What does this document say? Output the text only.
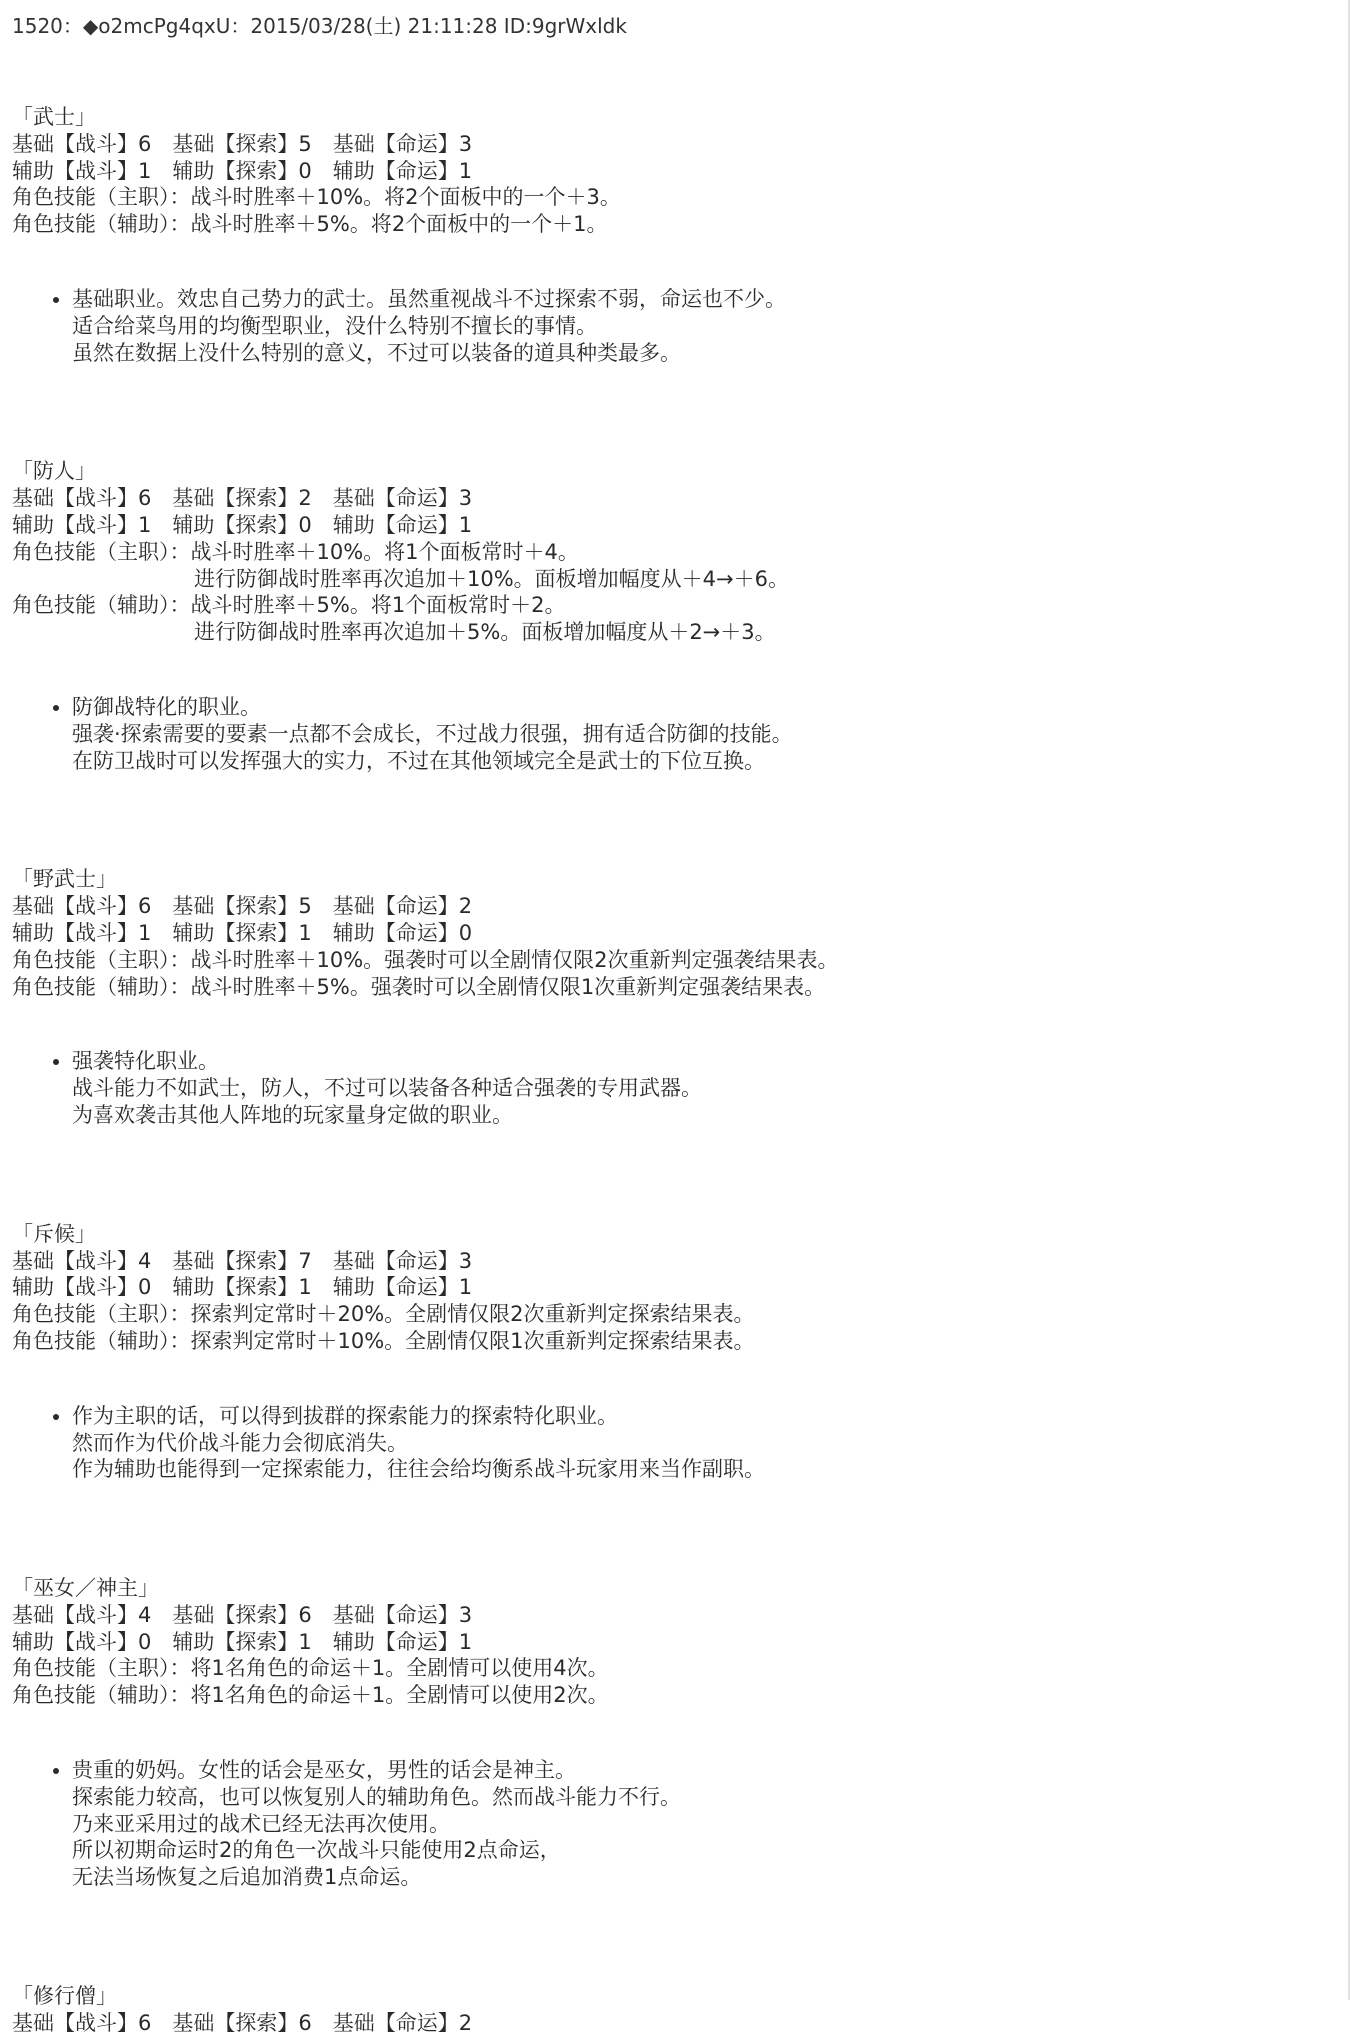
1520：◆o2mcPg4qxU：2015/03/28(土) 21:11:28 ID:9grWxldk
「武士」
基础【战斗】6　基础【探索】5　基础【命运】3
辅助【战斗】1　辅助【探索】0　辅助【命运】1
角色技能（主职）：战斗时胜率＋10%。将2个面板中的一个＋3。
角色技能（辅助）：战斗时胜率＋5%。将2个面板中的一个＋1。
• 基础职业。效忠自己势力的武士。虽然重视战斗不过探索不弱，命运也不少。
适合给菜鸟用的均衡型职业，没什么特别不擅长的事情。
虽然在数据上没什么特别的意义，不过可以装备的道具种类最多。
「防人」
基础【战斗】6　基础【探索】2　基础【命运】3
辅助【战斗】1　辅助【探索】0　辅助【命运】1
角色技能（主职）：战斗时胜率＋10%。将1个面板常时＋4。
进行防御战时胜率再次追加＋10%。面板增加幅度从＋4→＋6。
角色技能（辅助）：战斗时胜率＋5%。将1个面板常时＋2。
进行防御战时胜率再次追加＋5%。面板增加幅度从＋2→＋3。
• 防御战特化的职业。
强袭·探索需要的要素一点都不会成长，不过战力很强，拥有适合防御的技能。
在防卫战时可以发挥强大的实力，不过在其他领域完全是武士的下位互换。
「野武士」
基础【战斗】6　基础【探索】5　基础【命运】2
辅助【战斗】1　辅助【探索】1　辅助【命运】0
角色技能（主职）：战斗时胜率＋10%。强袭时可以全剧情仅限2次重新判定强袭结果表。
角色技能（辅助）：战斗时胜率＋5%。强袭时可以全剧情仅限1次重新判定强袭结果表。
• 强袭特化职业。
战斗能力不如武士，防人，不过可以装备各种适合强袭的专用武器。
为喜欢袭击其他人阵地的玩家量身定做的职业。
「斥候」
基础【战斗】4　基础【探索】7　基础【命运】3
辅助【战斗】0　辅助【探索】1　辅助【命运】1
角色技能（主职）：探索判定常时＋20%。全剧情仅限2次重新判定探索结果表。
角色技能（辅助）：探索判定常时＋10%。全剧情仅限1次重新判定探索结果表。
• 作为主职的话，可以得到拔群的探索能力的探索特化职业。
然而作为代价战斗能力会彻底消失。
作为辅助也能得到一定探索能力，往往会给均衡系战斗玩家用来当作副职。
「巫女／神主」
基础【战斗】4　基础【探索】6　基础【命运】3
辅助【战斗】0　辅助【探索】1　辅助【命运】1
角色技能（主职）：将1名角色的命运＋1。全剧情可以使用4次。
角色技能（辅助）：将1名角色的命运＋1。全剧情可以使用2次。
• 贵重的奶妈。女性的话会是巫女，男性的话会是神主。
探索能力较高，也可以恢复别人的辅助角色。然而战斗能力不行。
乃来亚采用过的战术已经无法再次使用。
所以初期命运时2的角色一次战斗只能使用2点命运，
无法当场恢复之后追加消费1点命运。
「修行僧」
基础【战斗】6　基础【探索】6　基础【命运】2
